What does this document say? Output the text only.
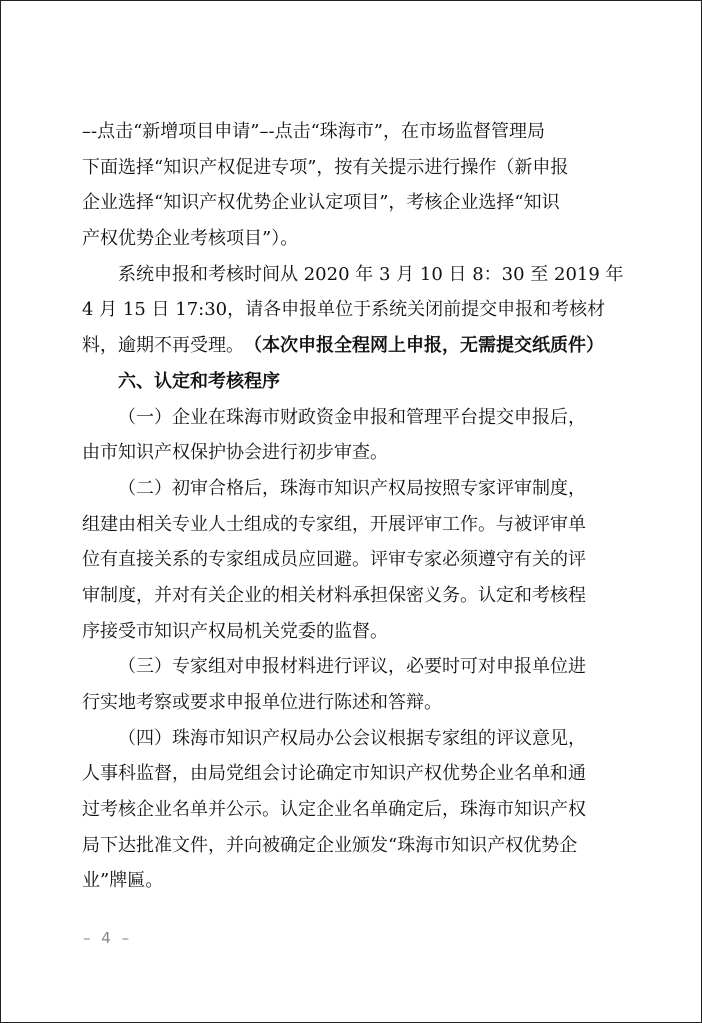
–-点击“新增项目申请”–-点击“珠海市”，在市场监督管理局
下面选择“知识产权促进专项”，按有关提示进行操作（新申报
企业选择“知识产权优势企业认定项目”，考核企业选择“知识
产权优势企业考核项目”）。
系统申报和考核时间从 2020 年 3 月 10 日 8：30 至 2019 年
4 月 15 日 17:30，请各申报单位于系统关闭前提交申报和考核材
料，逾期不再受理。 （本次申报全程网上申报，无需提交纸质件）
六、认定和考核程序
（一）企业在珠海市财政资金申报和管理平台提交申报后，
由市知识产权保护协会进行初步审查。
（二）初审合格后，珠海市知识产权局按照专家评审制度，
组建由相关专业人士组成的专家组，开展评审工作。与被评审单
位有直接关系的专家组成员应回避。评审专家必须遵守有关的评
审制度，并对有关企业的相关材料承担保密义务。认定和考核程
序接受市知识产权局机关党委的监督。
（三）专家组对申报材料进行评议，必要时可对申报单位进
行实地考察或要求申报单位进行陈述和答辩。
（四）珠海市知识产权局办公会议根据专家组的评议意见，
人事科监督，由局党组会讨论确定市知识产权优势企业名单和通
过考核企业名单并公示。认定企业名单确定后，珠海市知识产权
局下达批准文件，并向被确定企业颁发“珠海市知识产权优势企
业”牌匾。
– 4 –
